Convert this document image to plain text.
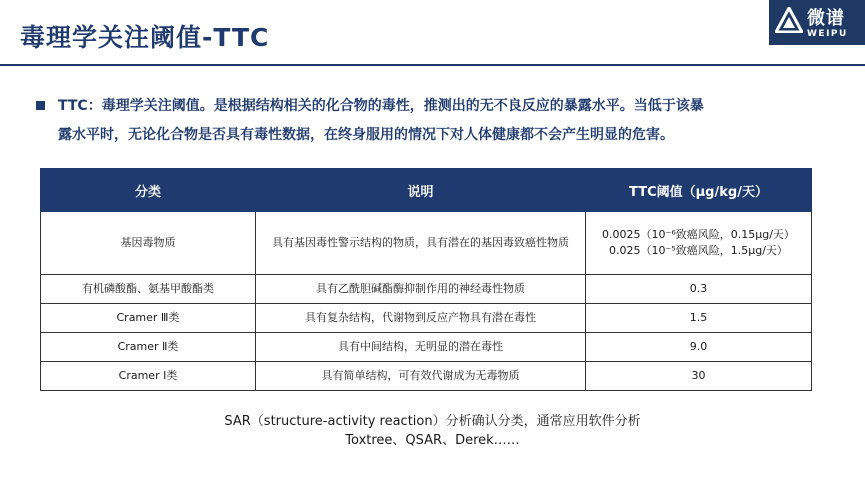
毒理学关注阈值-TTC
微谱
WEIPU
TTC：毒理学关注阈值。是根据结构相关的化合物的毒性，推测出的无不良反应的暴露水平。当低于该暴
露水平时，无论化合物是否具有毒性数据，在终身服用的情况下对人体健康都不会产生明显的危害。
分类	说明	TTC阈值（μg/kg/天）
基因毒物质	具有基因毒性警示结构的物质，具有潜在的基因毒致癌性物质	0.0025（10⁻⁶致癌风险，0.15μg/天）
0.025（10⁻⁵致癌风险，1.5μg/天）

有机磷酸酯、氨基甲酸酯类	具有乙酰胆碱酯酶抑制作用的神经毒性物质	0.3
Cramer Ⅲ类	具有复杂结构，代谢物到反应产物具有潜在毒性	1.5
Cramer Ⅱ类	具有中间结构，无明显的潜在毒性	9.0
Cramer Ⅰ类	具有简单结构，可有效代谢成为无毒物质	30
SAR（structure-activity reaction）分析确认分类，通常应用软件分析
Toxtree、QSAR、Derek……
